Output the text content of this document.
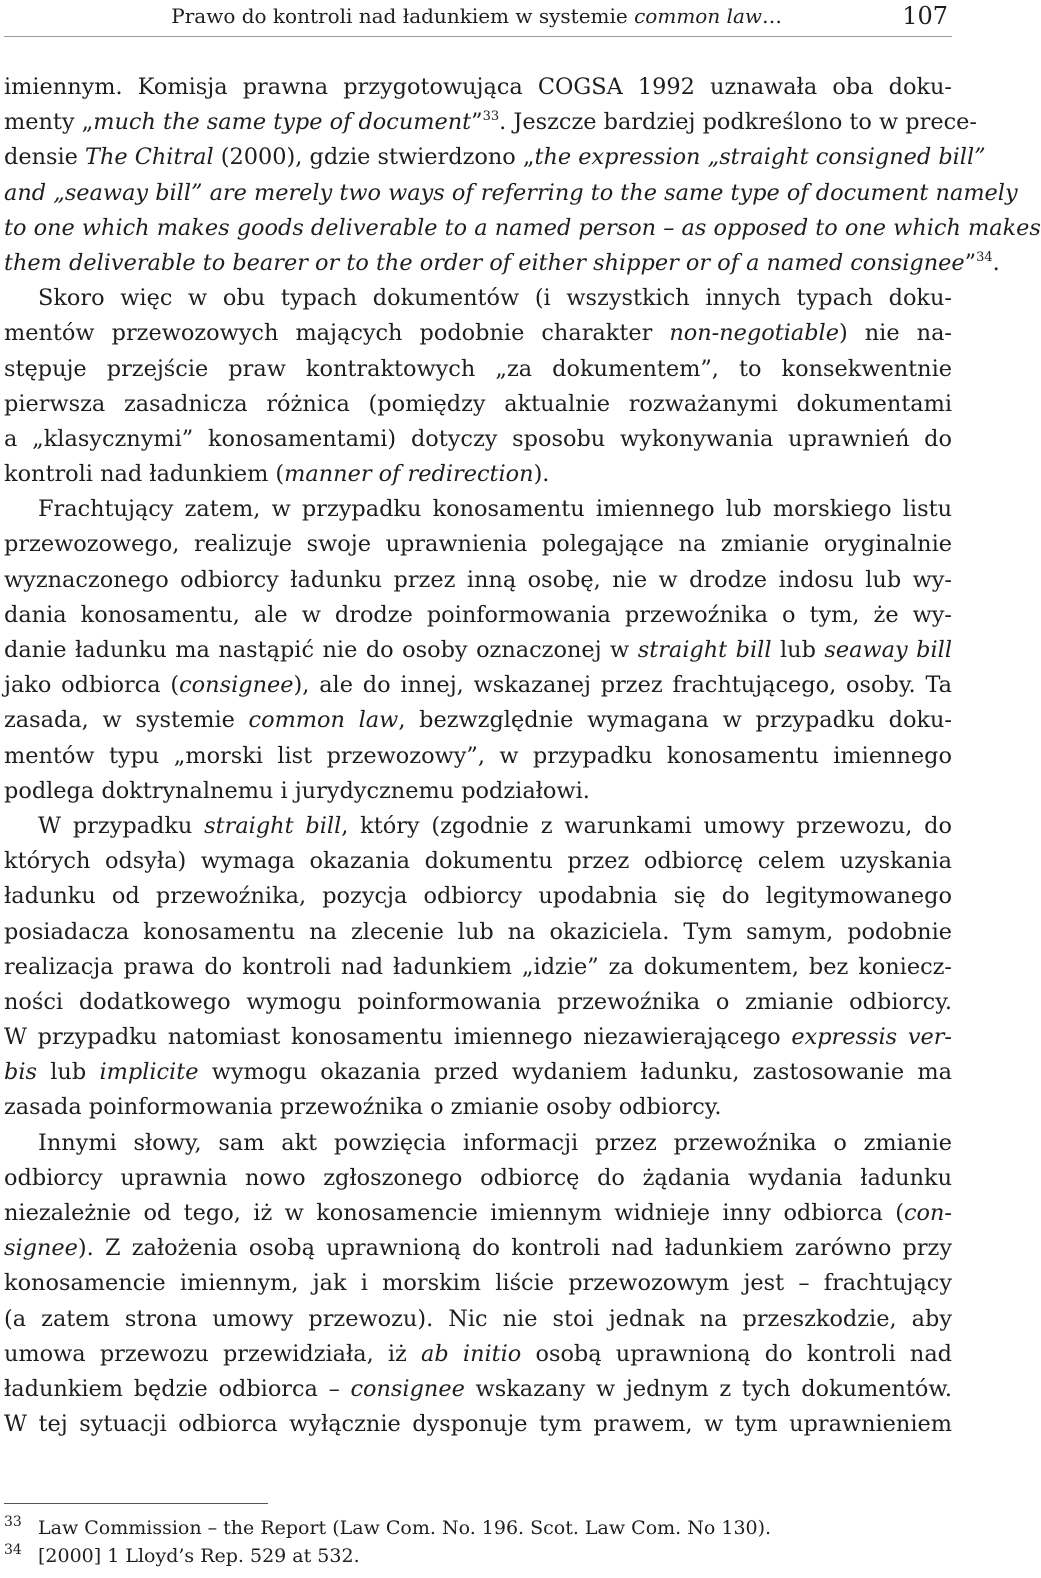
Prawo do kontroli nad ładunkiem w systemie common law…	107
imiennym. Komisja prawna przygotowująca COGSA 1992 uznawała oba doku-
menty „much the same type of document”$^{33}$. Jeszcze bardziej podkreślono to w prece-
densie The Chitral (2000), gdzie stwierdzono „the expression „straight consigned bill”
and „seaway bill” are merely two ways of referring to the same type of document namely
to one which makes goods deliverable to a named person – as opposed to one which makes
them deliverable to bearer or to the order of either shipper or of a named consignee”$^{34}$.
Skoro więc w obu typach dokumentów (i wszystkich innych typach doku-
mentów przewozowych mających podobnie charakter non-negotiable) nie na-
stępuje przejście praw kontraktowych „za dokumentem”, to konsekwentnie
pierwsza zasadnicza różnica (pomiędzy aktualnie rozważanymi dokumentami
a „klasycznymi” konosamentami) dotyczy sposobu wykonywania uprawnień do
kontroli nad ładunkiem (manner of redirection).
Frachtujący zatem, w przypadku konosamentu imiennego lub morskiego listu
przewozowego, realizuje swoje uprawnienia polegające na zmianie oryginalnie
wyznaczonego odbiorcy ładunku przez inną osobę, nie w drodze indosu lub wy-
dania konosamentu, ale w drodze poinformowania przewoźnika o tym, że wy-
danie ładunku ma nastąpić nie do osoby oznaczonej w straight bill lub seaway bill
jako odbiorca (consignee), ale do innej, wskazanej przez frachtującego, osoby. Ta
zasada, w systemie common law, bezwzględnie wymagana w przypadku doku-
mentów typu „morski list przewozowy”, w przypadku konosamentu imiennego
podlega doktrynalnemu i jurydycznemu podziałowi.
W przypadku straight bill, który (zgodnie z warunkami umowy przewozu, do
których odsyła) wymaga okazania dokumentu przez odbiorcę celem uzyskania
ładunku od przewoźnika, pozycja odbiorcy upodabnia się do legitymowanego
posiadacza konosamentu na zlecenie lub na okaziciela. Tym samym, podobnie
realizacja prawa do kontroli nad ładunkiem „idzie” za dokumentem, bez koniecz-
ności dodatkowego wymogu poinformowania przewoźnika o zmianie odbiorcy.
W przypadku natomiast konosamentu imiennego niezawierającego expressis ver-
bis lub implicite wymogu okazania przed wydaniem ładunku, zastosowanie ma
zasada poinformowania przewoźnika o zmianie osoby odbiorcy.
Innymi słowy, sam akt powzięcia informacji przez przewoźnika o zmianie
odbiorcy uprawnia nowo zgłoszonego odbiorcę do żądania wydania ładunku
niezależnie od tego, iż w konosamencie imiennym widnieje inny odbiorca (con-
signee). Z założenia osobą uprawnioną do kontroli nad ładunkiem zarówno przy
konosamencie imiennym, jak i morskim liście przewozowym jest – frachtujący
(a zatem strona umowy przewozu). Nic nie stoi jednak na przeszkodzie, aby
umowa przewozu przewidziała, iż ab initio osobą uprawnioną do kontroli nad
ładunkiem będzie odbiorca – consignee wskazany w jednym z tych dokumentów.
W tej sytuacji odbiorca wyłącznie dysponuje tym prawem, w tym uprawnieniem
33 Law Commission – the Report (Law Com. No. 196. Scot. Law Com. No 130).
34 [2000] 1 Lloyd’s Rep. 529 at 532.
